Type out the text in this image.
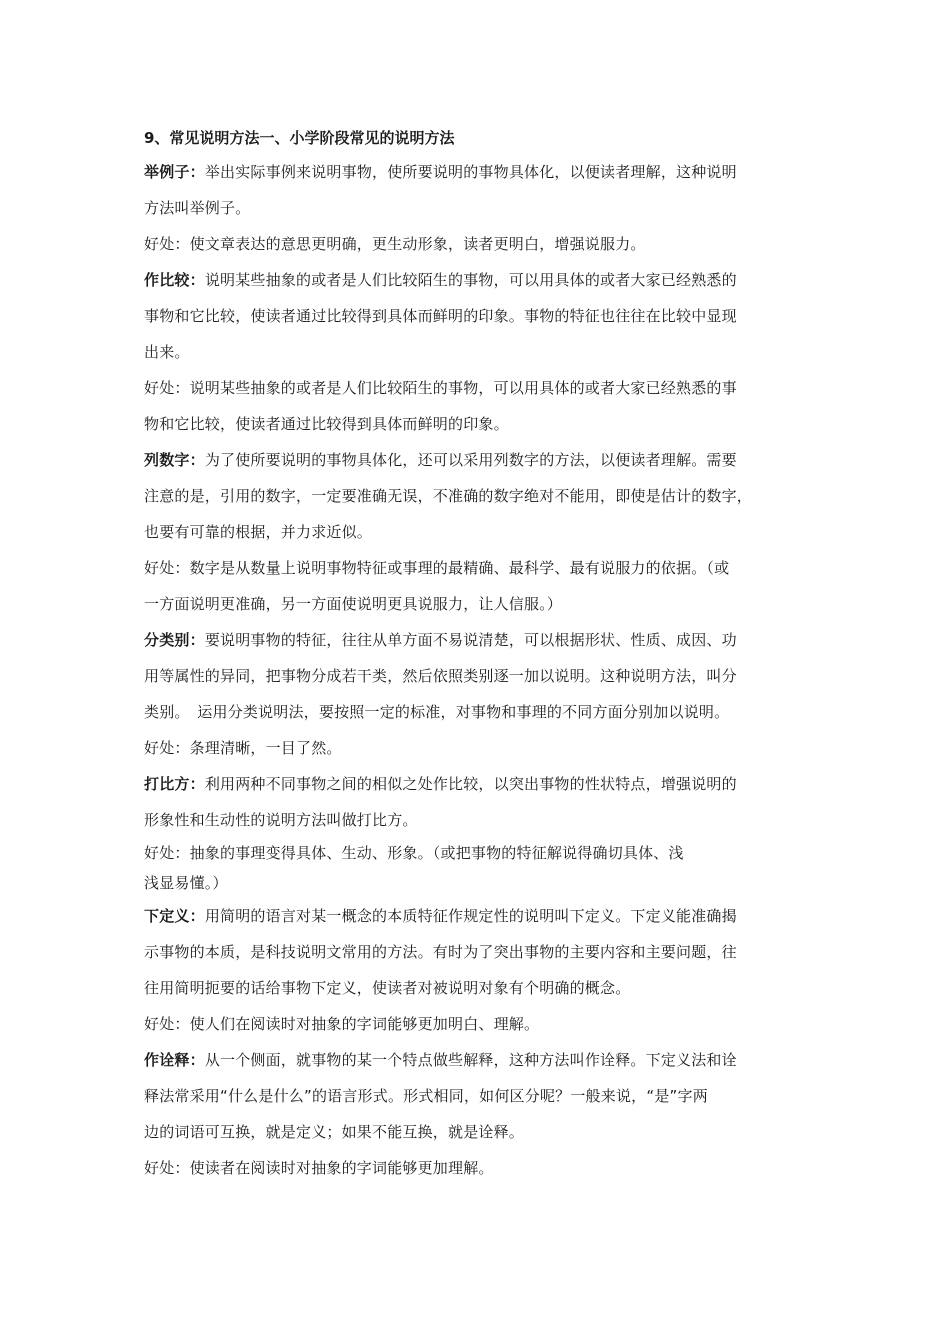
9、常见说明方法一、小学阶段常见的说明方法

举例子：举出实际事例来说明事物，使所要说明的事物具体化，以便读者理解，这种说明

方法叫举例子。

好处：使文章表达的意思更明确，更生动形象，读者更明白，增强说服力。

作比较：说明某些抽象的或者是人们比较陌生的事物，可以用具体的或者大家已经熟悉的

事物和它比较，使读者通过比较得到具体而鲜明的印象。事物的特征也往往在比较中显现

出来。

好处：说明某些抽象的或者是人们比较陌生的事物，可以用具体的或者大家已经熟悉的事

物和它比较，使读者通过比较得到具体而鲜明的印象。

列数字：为了使所要说明的事物具体化，还可以采用列数字的方法，以便读者理解。需要

注意的是，引用的数字，一定要准确无误，不准确的数字绝对不能用，即使是估计的数字，

也要有可靠的根据，并力求近似。

好处：数字是从数量上说明事物特征或事理的最精确、最科学、最有说服力的依据。（或

一方面说明更准确，另一方面使说明更具说服力，让人信服。）

分类别：要说明事物的特征，往往从单方面不易说清楚，可以根据形状、性质、成因、功

用等属性的异同，把事物分成若干类，然后依照类别逐一加以说明。这种说明方法，叫分

类别。　运用分类说明法，要按照一定的标准，对事物和事理的不同方面分别加以说明。

好处：条理清晰，一目了然。

打比方：利用两种不同事物之间的相似之处作比较，以突出事物的性状特点，增强说明的

形象性和生动性的说明方法叫做打比方。

好处：抽象的事理变得具体、生动、形象。（或把事物的特征解说得确切具体、浅

浅显易懂。）

下定义：用简明的语言对某一概念的本质特征作规定性的说明叫下定义。下定义能准确揭

示事物的本质，是科技说明文常用的方法。有时为了突出事物的主要内容和主要问题，往

往用简明扼要的话给事物下定义，使读者对被说明对象有个明确的概念。

好处：使人们在阅读时对抽象的字词能够更加明白、理解。

作诠释：从一个侧面，就事物的某一个特点做些解释，这种方法叫作诠释。下定义法和诠

释法常采用“什么是什么”的语言形式。形式相同，如何区分呢？一般来说，“是”字两

边的词语可互换，就是定义；如果不能互换，就是诠释。

好处：使读者在阅读时对抽象的字词能够更加理解。
